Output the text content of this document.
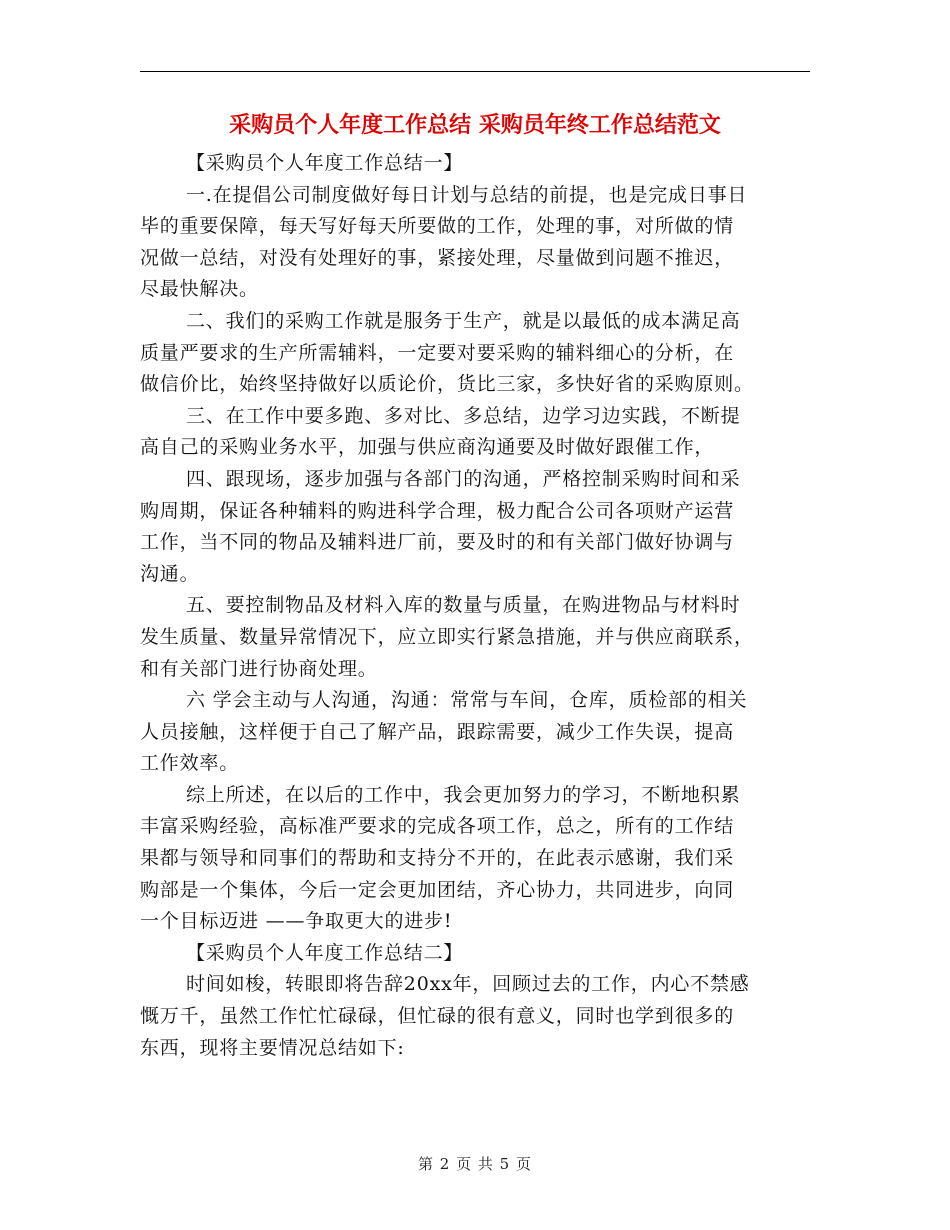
采购员个人年度工作总结 采购员年终工作总结范文
【采购员个人年度工作总结一】
一.在提倡公司制度做好每日计划与总结的前提，也是完成日事日
毕的重要保障，每天写好每天所要做的工作，处理的事，对所做的情
况做一总结，对没有处理好的事，紧接处理，尽量做到问题不推迟，
尽最快解决。
二、我们的采购工作就是服务于生产，就是以最低的成本满足高
质量严要求的生产所需辅料，一定要对要采购的辅料细心的分析，在
做信价比，始终坚持做好以质论价，货比三家，多快好省的采购原则。
三、在工作中要多跑、多对比、多总结，边学习边实践，不断提
高自己的采购业务水平，加强与供应商沟通要及时做好跟催工作，
四、跟现场，逐步加强与各部门的沟通，严格控制采购时间和采
购周期，保证各种辅料的购进科学合理，极力配合公司各项财产运营
工作，当不同的物品及辅料进厂前，要及时的和有关部门做好协调与
沟通。
五、要控制物品及材料入库的数量与质量，在购进物品与材料时
发生质量、数量异常情况下，应立即实行紧急措施，并与供应商联系，
和有关部门进行协商处理。
六 学会主动与人沟通，沟通：常常与车间，仓库，质检部的相关
人员接触，这样便于自己了解产品，跟踪需要，减少工作失误，提高
工作效率。
综上所述，在以后的工作中，我会更加努力的学习，不断地积累
丰富采购经验，高标准严要求的完成各项工作，总之，所有的工作结
果都与领导和同事们的帮助和支持分不开的，在此表示感谢，我们采
购部是一个集体，今后一定会更加团结，齐心协力，共同进步，向同
一个目标迈进 ——争取更大的进步!
【采购员个人年度工作总结二】
时间如梭，转眼即将告辞20xx年，回顾过去的工作，内心不禁感
慨万千，虽然工作忙忙碌碌，但忙碌的很有意义，同时也学到很多的
东西，现将主要情况总结如下:
第 2 页 共 5 页
